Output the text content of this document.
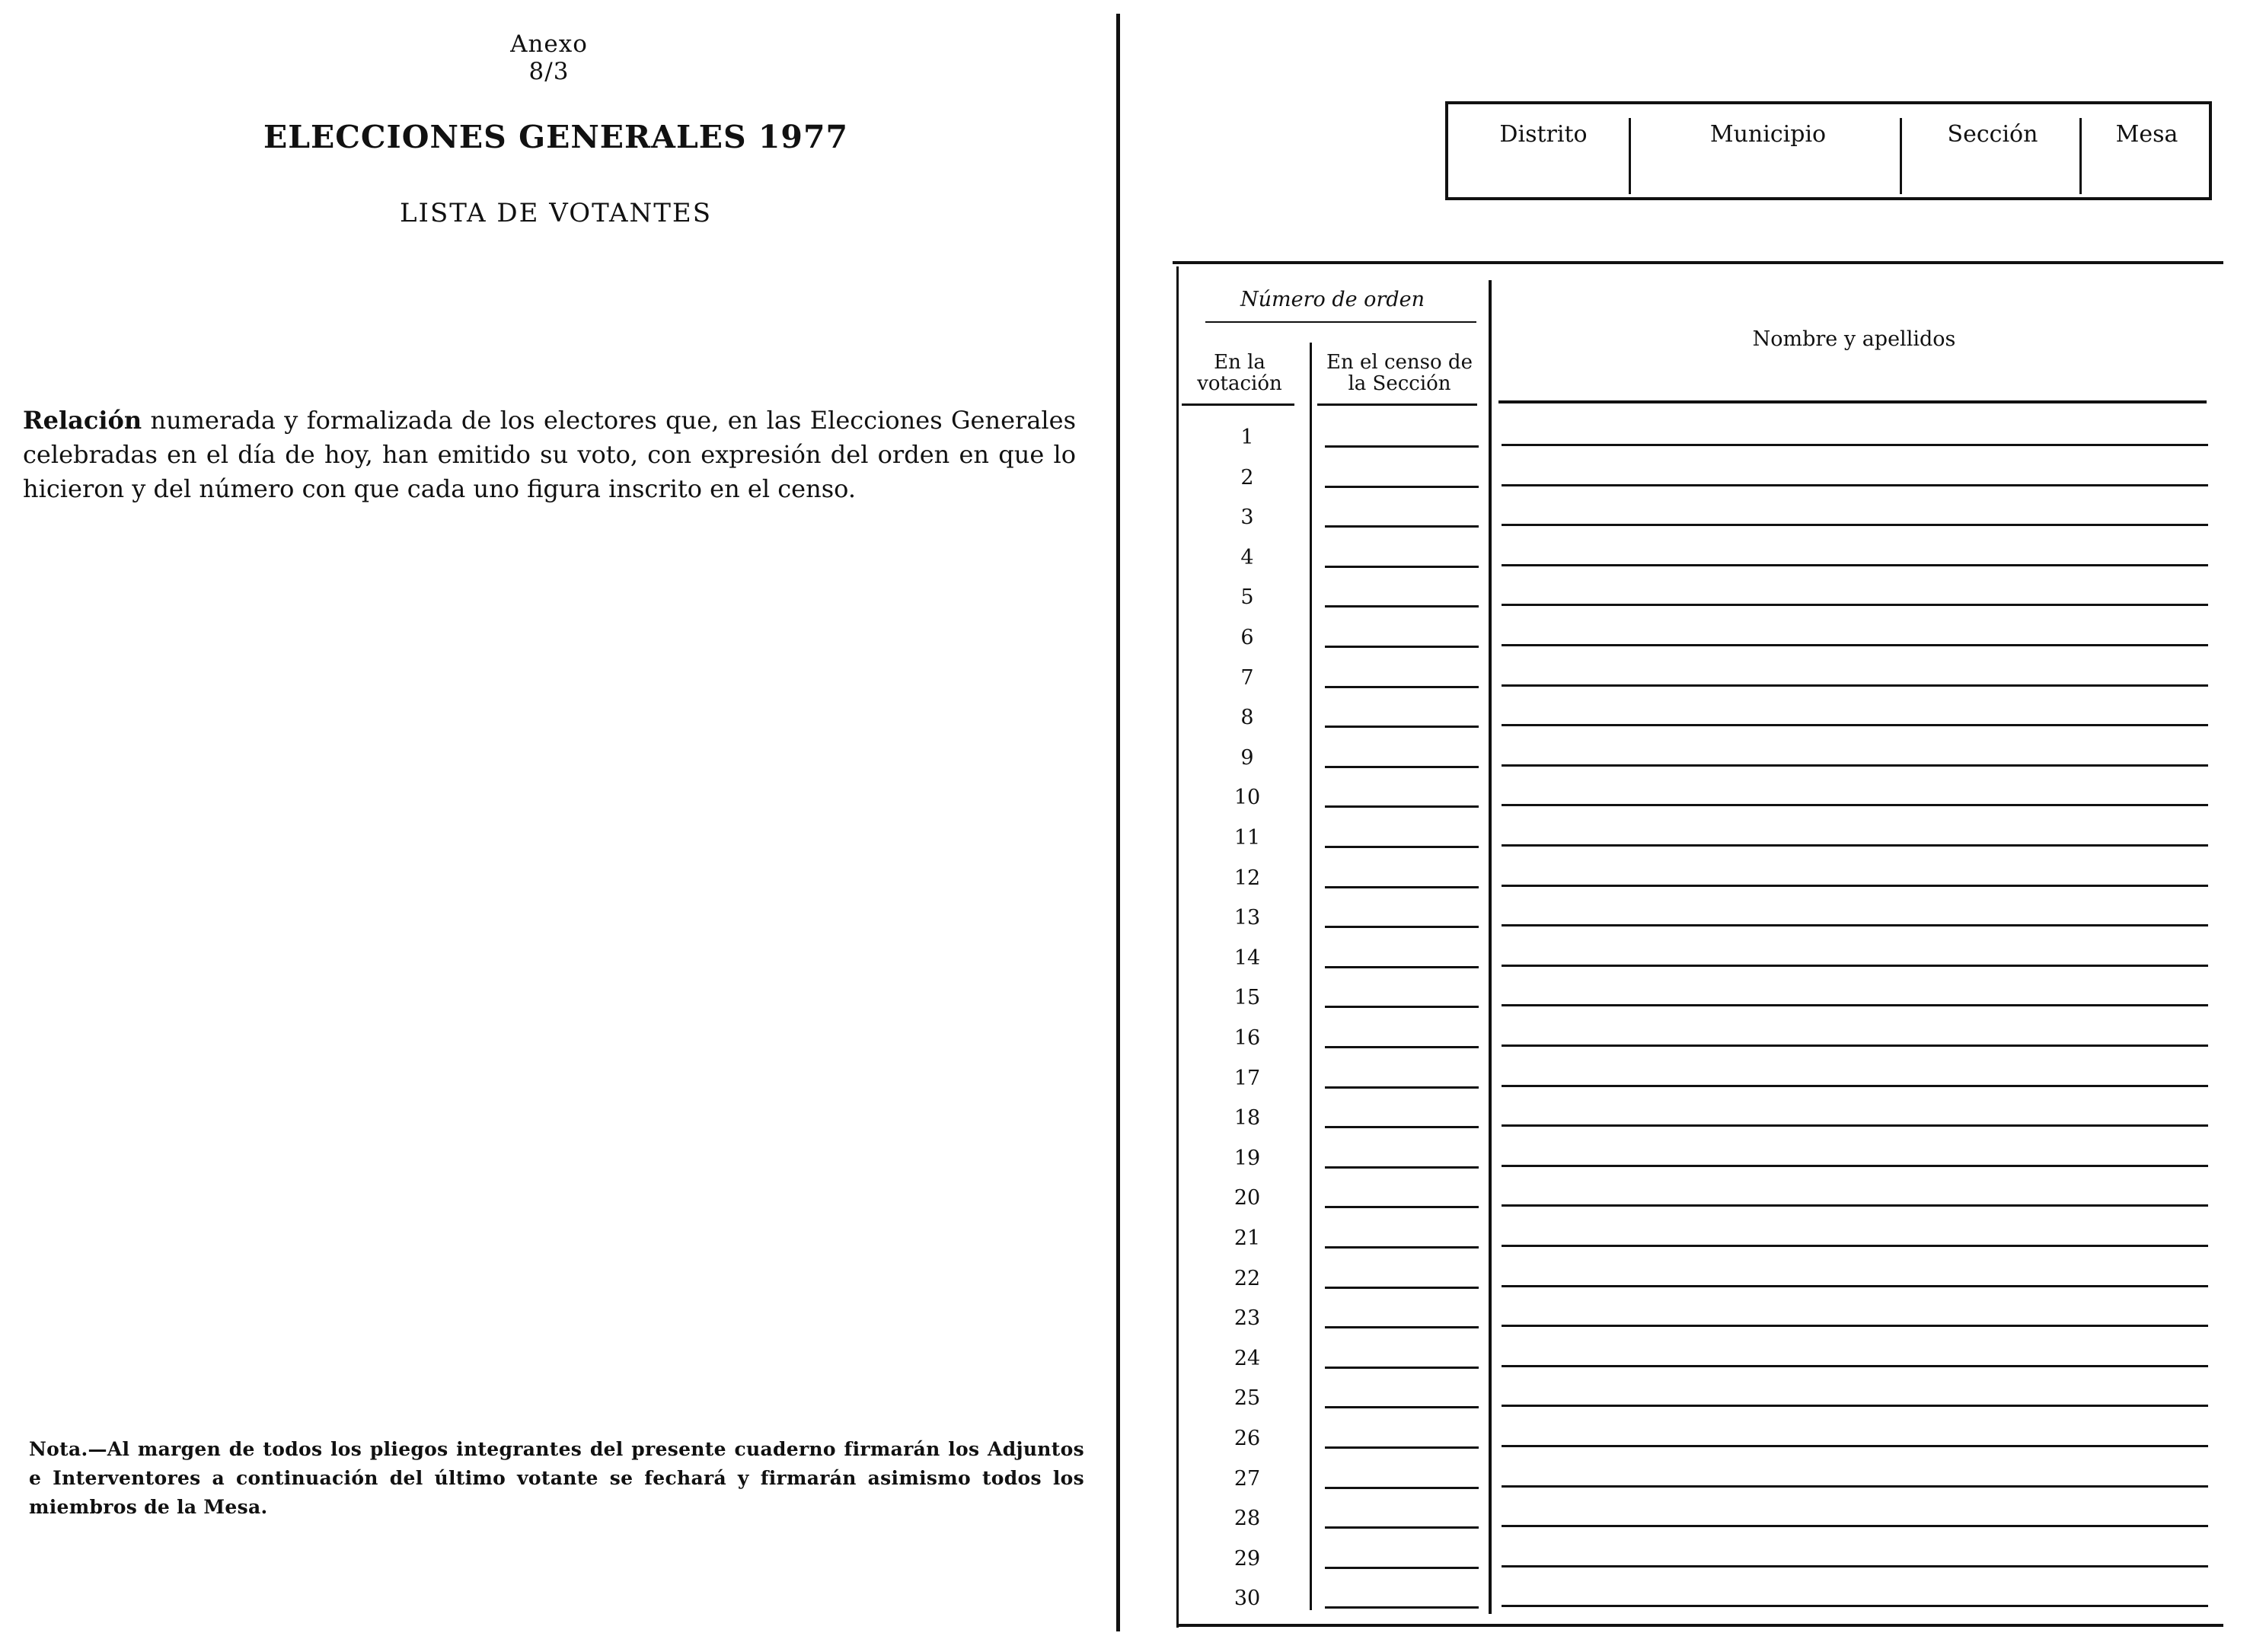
Anexo 8/3
ELECCIONES GENERALES 1977
LISTA DE VOTANTES
Relación numerada y formalizada de los electores que, en las Elecciones Generales celebradas en el día de hoy, han emitido su voto, con expresión del orden en que lo hicieron y del número con que cada uno figura inscrito en el censo.
Nota.—Al margen de todos los pliegos integrantes del presente cuaderno firmarán los Adjuntos e Interventores a continuación del último votante se fechará y firmarán asimismo todos los miembros de la Mesa.
Distrito	Municipio	Sección	Mesa
Número de orden
En la votación
En el censo de la Sección
Nombre y apellidos
1
2
3
4
5
6
7
8
9
10
11
12
13
14
15
16
17
18
19
20
21
22
23
24
25
26
27
28
29
30
